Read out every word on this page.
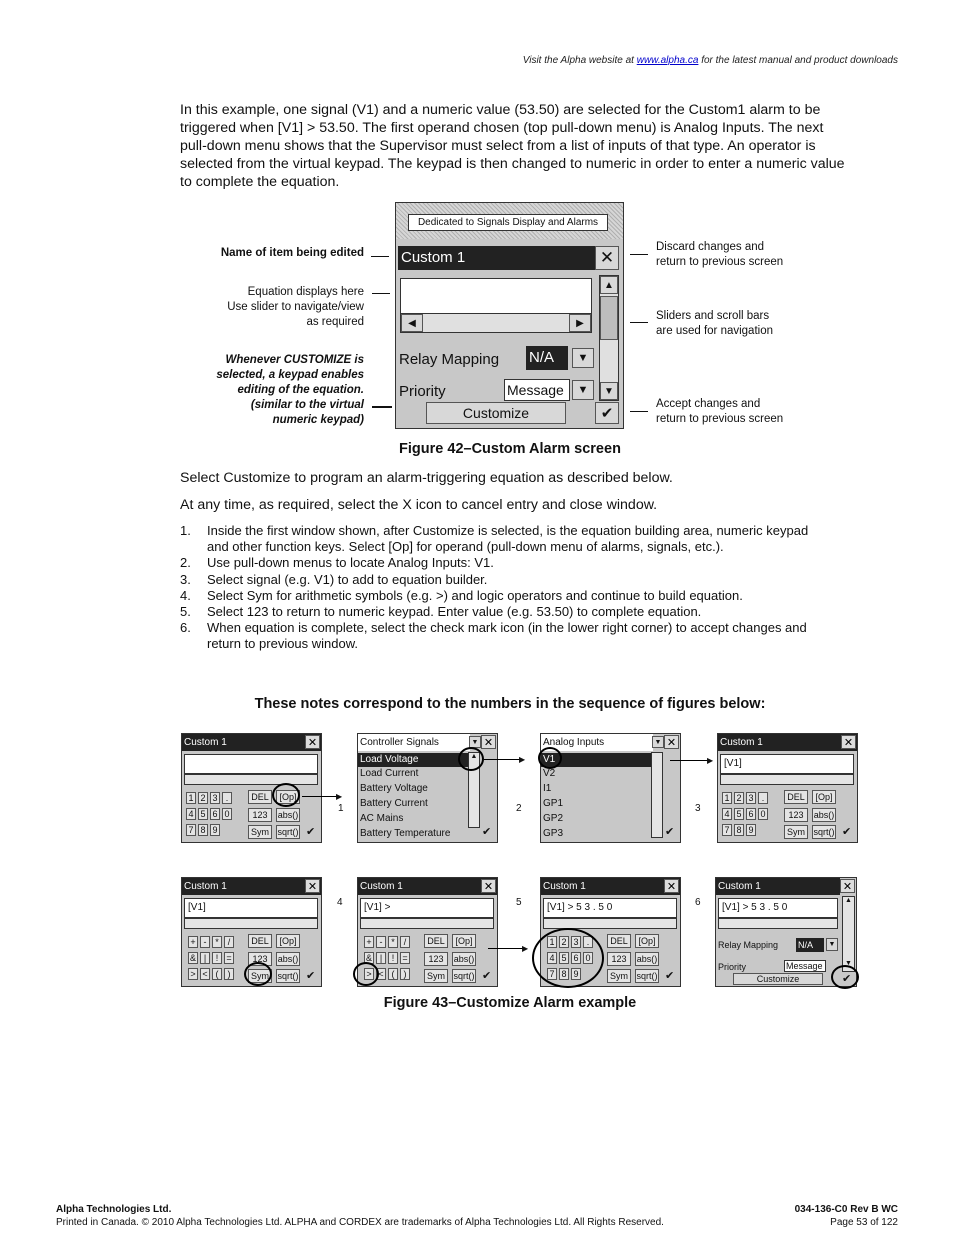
Visit the Alpha website at www.alpha.ca for the latest manual and product downloads
In this example, one signal (V1) and a numeric value (53.50) are selected for the Custom1 alarm to be triggered when [V1] > 53.50. The first operand chosen (top pull-down menu) is Analog Inputs. The next pull-down menu shows that the Supervisor must select from a list of inputs of that type. An operator is selected from the virtual keypad. The keypad is then changed to numeric in order to enter a numeric value to complete the equation.
Name of item being edited
Equation displays here
Use slider to navigate/view
as required
Whenever CUSTOMIZE is
selected, a keypad enables
editing of the equation.
(similar to the virtual
numeric keypad)
Discard changes and
return to previous screen
Sliders and scroll bars
are used for navigation
Accept changes and
return to previous screen
Dedicated to Signals Display and Alarms
Custom 1	✕
◀	▶
▲
▼
Relay Mapping N/A	▼
Priority	Message	▼
Customize	✔
Figure 42–Custom Alarm screen
Select Customize to program an alarm-triggering equation as described below.
At any time, as required, select the X icon to cancel entry and close window.
1. Inside the first window shown, after Customize is selected, is the equation building area, numeric keypad and other function keys. Select [Op] for operand (pull-down menu of alarms, signals, etc.).
2. Use pull-down menus to locate Analog Inputs: V1.
3. Select signal (e.g. V1) to add to equation builder.
4. Select Sym for arithmetic symbols (e.g. >) and logic operators and continue to build equation.
5. Select 123 to return to numeric keypad. Enter value (e.g. 53.50) to complete equation.
6. When equation is complete, select the check mark icon (in the lower right corner) to accept changes and return to previous window.
These notes correspond to the numbers in the sequence of figures below:
Custom 1	✕
1 2 3 .
4 5 6 0
7 8 9
DEL	[Op]
123	abs()
Sym sqrt() ✔
▶
1
Controller Signals	▼ ✕
Load Voltage
Load Current
Battery Voltage
Battery Current
AC Mains
Battery Temperature
▲
✔
▶
2
Analog Inputs	▼ ✕
V1
V2
I1
GP1
GP2
GP3	✔
▶
3
Custom 1	✕
[V1]
1 2 3 .
4 5 6 0
7 8 9
DEL	[Op]
123	abs()
Sym sqrt() ✔
Custom 1	✕
[V1]
+ - * /
& |	! =
> < (	)
DEL	[Op]
123	abs()
Sym sqrt() ✔
4
Custom 1	✕
[V1] >
+ - * /
& |	! =
> < (	)
DEL	[Op]
123	abs()
Sym sqrt() ✔
5
▶
Custom 1	✕
[V1] > 5 3 . 5 0
1 2 3 .
4 5 6 0
7 8 9
DEL	[Op]
123	abs()
Sym sqrt() ✔
6
Custom 1	✕
[V1] > 5 3 . 5 0
▲
▼
Relay Mapping N/A	▼
Priority	Message
Customize	✔
Figure 43–Customize Alarm example
Alpha Technologies Ltd.
Printed in Canada. © 2010 Alpha Technologies Ltd. ALPHA and CORDEX are trademarks of Alpha Technologies Ltd. All Rights Reserved.
034-136-C0 Rev B WC
Page 53 of 122
